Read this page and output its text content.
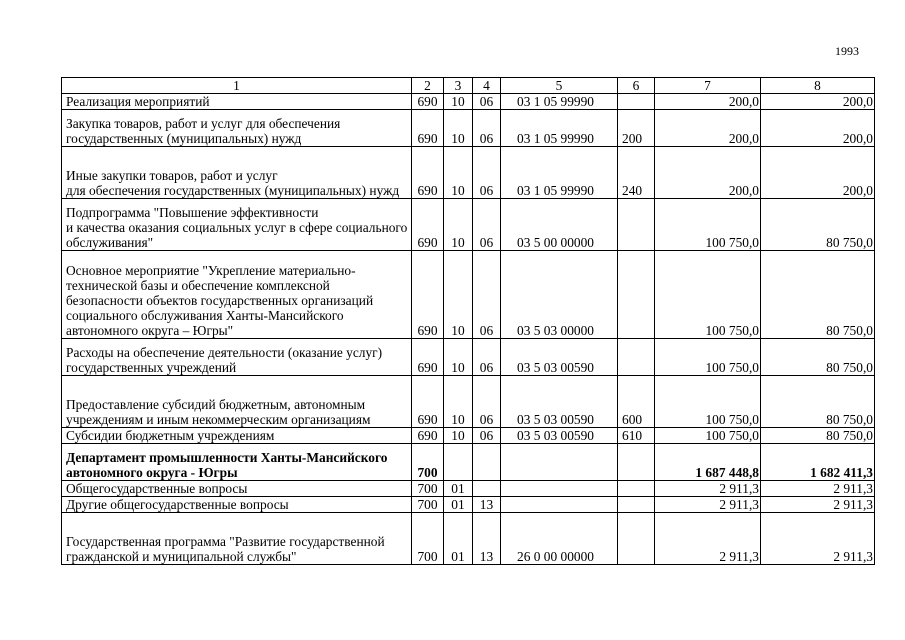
1993
1	2	3	4	5	6	7	8
Реализация мероприятий	690	10	06	03 1 05 99990		200,0	200,0
Закупка товаров, работ и услуг для обеспечения государственных (муниципальных) нужд	690	10	06	03 1 05 99990	200	200,0	200,0
Иные закупки товаров, работ и услуг
для обеспечения государственных (муниципальных) нужд	690	10	06	03 1 05 99990	240	200,0	200,0
Подпрограмма "Повышение эффективности
и качества оказания социальных услуг в сфере социального обслуживания"	690	10	06	03 5 00 00000		100 750,0	80 750,0
Основное мероприятие "Укрепление материально-технической базы и обеспечение комплексной безопасности объектов государственных организаций социального обслуживания Ханты-Мансийского автономного округа – Югры"	690	10	06	03 5 03 00000		100 750,0	80 750,0
Расходы на обеспечение деятельности (оказание услуг) государственных учреждений	690	10	06	03 5 03 00590		100 750,0	80 750,0
Предоставление субсидий бюджетным, автономным учреждениям и иным некоммерческим организациям	690	10	06	03 5 03 00590	600	100 750,0	80 750,0
Субсидии бюджетным учреждениям	690	10	06	03 5 03 00590	610	100 750,0	80 750,0
Департамент промышленности Ханты-Мансийского автономного округа - Югры	700					1 687 448,8	1 682 411,3
Общегосударственные вопросы	700	01				2 911,3	2 911,3
Другие общегосударственные вопросы	700	01	13			2 911,3	2 911,3
Государственная программа "Развитие государственной гражданской и муниципальной службы"	700	01	13	26 0 00 00000		2 911,3	2 911,3
